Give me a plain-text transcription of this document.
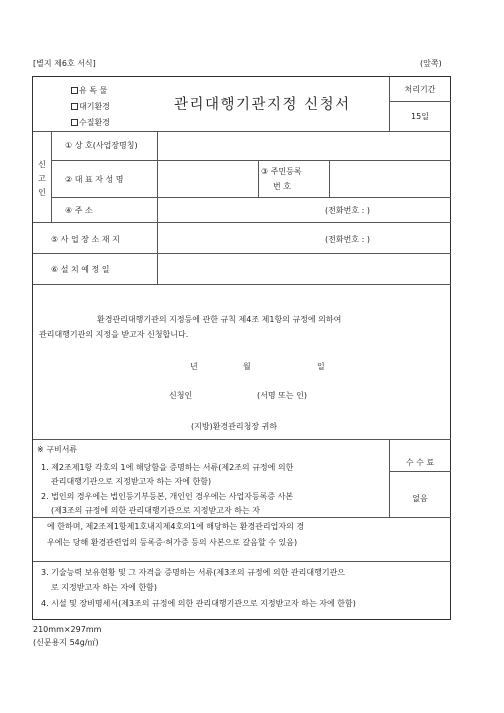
[별지 제6호 서식]	(앞쪽)
유 독 물
대기환경
수질환경
관리대행기관지정 신청서
처리기간
15일
신
고
인
① 상 호(사업장명칭)
② 대 표 자 성 명
③ 주민등록
번 호
④ 주 소	(전화번호 : )
⑤ 사 업 장 소 재 지	(전화번호 : )
⑥ 설 치 예 정 일
환경관리대행기관의 지정등에 관한 규칙 제4조 제1항의 규정에 의하여
관리대행기관의 지정을 받고자 신청합니다.
년	월	일
신청인	(서명 또는 인)
(지방)환경관리청장 귀하
수 수 료
없음
※ 구비서류
1. 제2조제1항 각호의 1에 해당함을 증명하는 서류(제2조의 규정에 의한
관리대행기관으로 지정받고자 하는 자에 한함)
2. 법인의 경우에는 법인등기부등본, 개인인 경우에는 사업자등록증 사본
(제3조의 규정에 의한 관리대행기관으로 지정받고자 하는 자
에 한하며, 제2조제1항제1호내지제4호의1에 해당하는 환경관리업자의 경
우에는 당해 환경관련업의 등록증·허가증 등의 사본으로 갈음할 수 있음)
3. 기술능력 보유현황 및 그 자격을 증명하는 서류(제3조의 규정에 의한 관리대행기관으
로 지정받고자 하는 자에 한함)
4. 시설 및 장비명세서(제3조의 규정에 의한 관리대행기관으로 지정받고자 하는 자에 한함)
210mm×297mm
(신문용지 54g/㎡)
